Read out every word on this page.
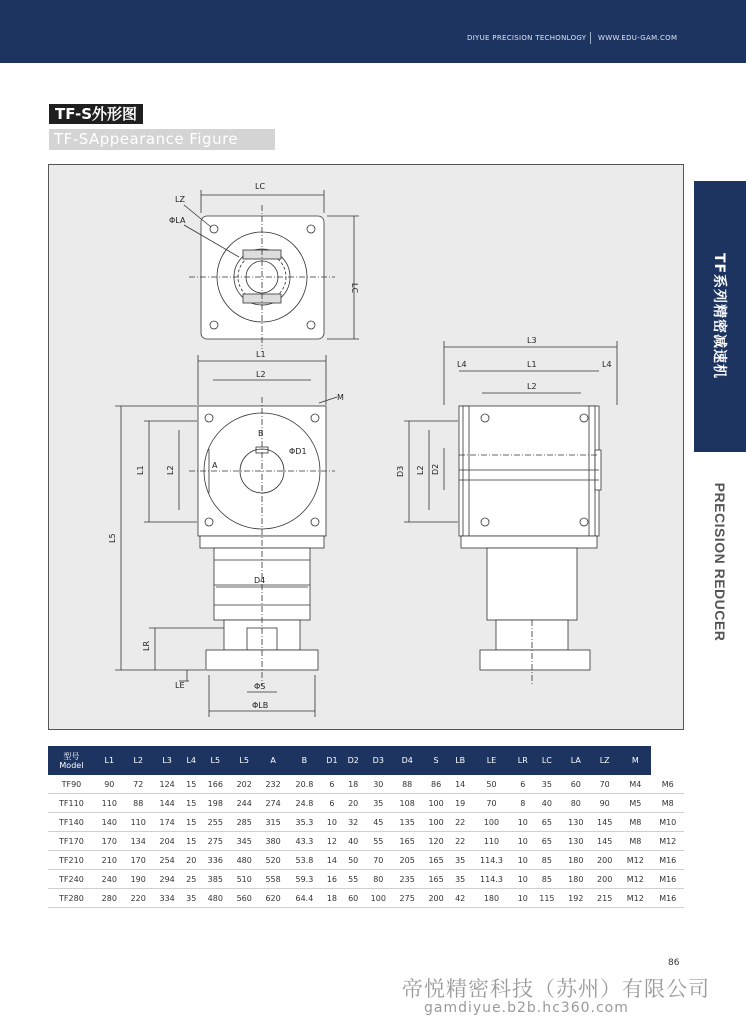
DIYUE PRECISION TECHONLOGY WWW.EDU-GAM.COM
TF-S外形图
TF-SAppearance Figure
LC
LZ
ΦLA
LC
L1
L2
M
B
ΦD1
A
L1	L2
L5
D4
LR
LE	ΦS
ΦLB
L3
L4	L1	L4
L2
D3 L2 D2
TF系列精密减速机
PRECISION REDUCER
型号
Model	L1	L2	L3	L4	L5	L5	A	B	D1	D2	D3	D4	S	LB	LE	LR	LC	LA	LZ	M	
TF90	90	72	124	15	166	202	232	20.8	6	18	30	88	86	14	50	6	35	60	70	M4	M6
TF110	110	88	144	15	198	244	274	24.8	6	20	35	108	100	19	70	8	40	80	90	M5	M8
TF140	140	110	174	15	255	285	315	35.3	10	32	45	135	100	22	100	10	65	130	145	M8	M10
TF170	170	134	204	15	275	345	380	43.3	12	40	55	165	120	22	110	10	65	130	145	M8	M12
TF210	210	170	254	20	336	480	520	53.8	14	50	70	205	165	35	114.3	10	85	180	200	M12	M16
TF240	240	190	294	25	385	510	558	59.3	16	55	80	235	165	35	114.3	10	85	180	200	M12	M16
TF280	280	220	334	35	480	560	620	64.4	18	60	100	275	200	42	180	10	115	192	215	M12	M16
86
帝悦精密科技（苏州）有限公司
gamdiyue.b2b.hc360.com
